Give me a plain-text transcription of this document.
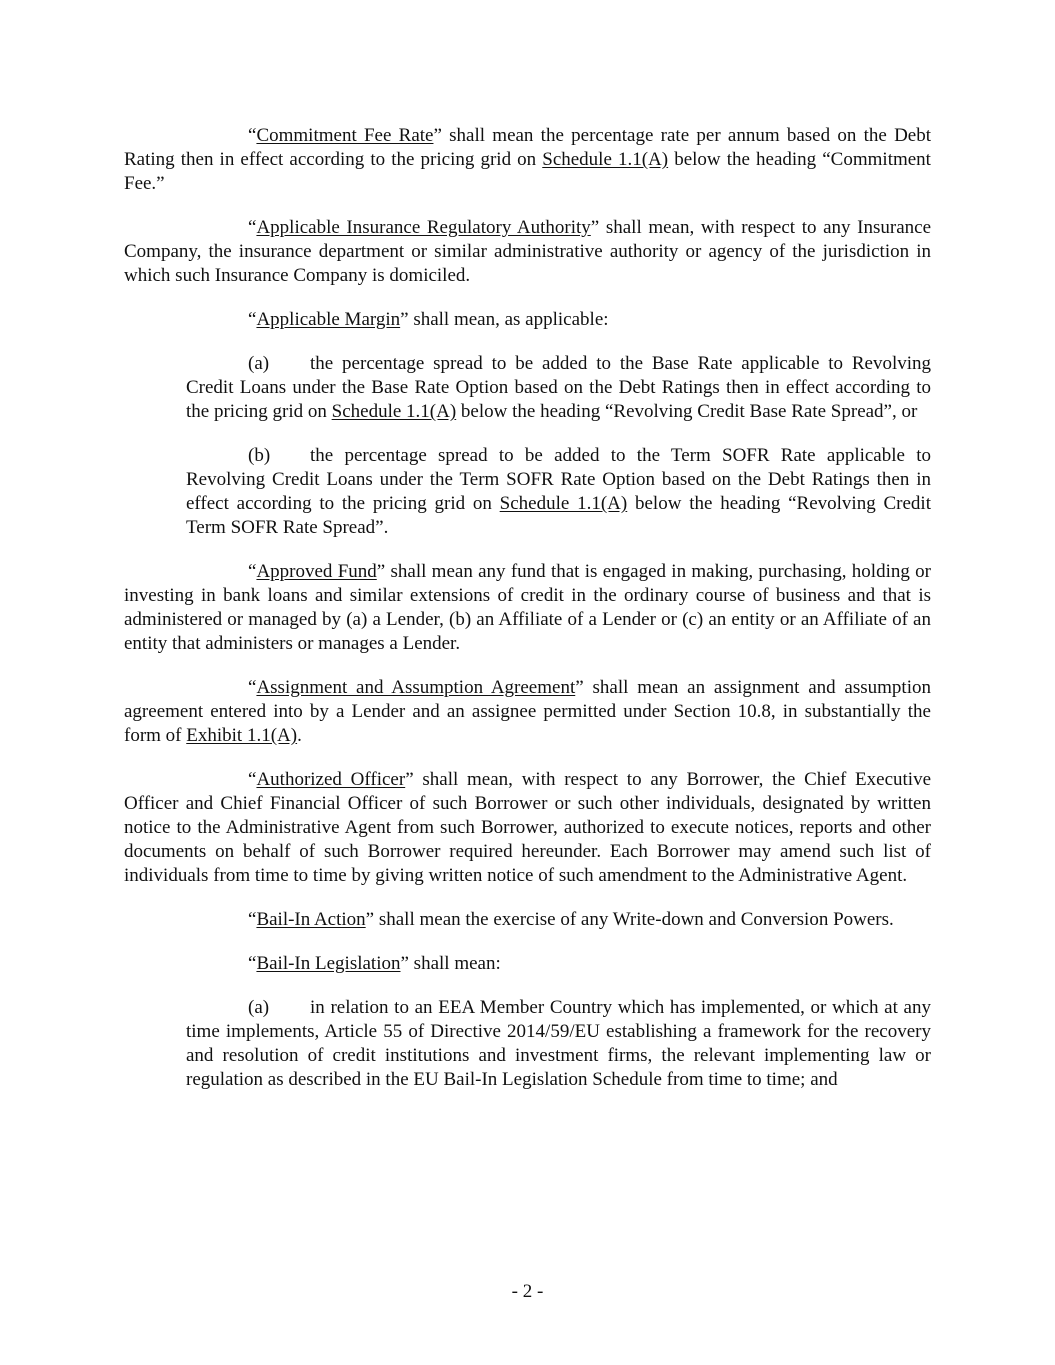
“Commitment Fee Rate” shall mean the percentage rate per annum based on the Debt Rating then in effect according to the pricing grid on Schedule 1.1(A) below the heading “Commitment Fee.”

“Applicable Insurance Regulatory Authority” shall mean, with respect to any Insurance Company, the insurance department or similar administrative authority or agency of the jurisdiction in which such Insurance Company is domiciled.

“Applicable Margin” shall mean, as applicable:

(a) the percentage spread to be added to the Base Rate applicable to Revolving Credit Loans under the Base Rate Option based on the Debt Ratings then in effect according to the pricing grid on Schedule 1.1(A) below the heading “Revolving Credit Base Rate Spread”, or

(b) the percentage spread to be added to the Term SOFR Rate applicable to Revolving Credit Loans under the Term SOFR Rate Option based on the Debt Ratings then in effect according to the pricing grid on Schedule 1.1(A) below the heading “Revolving Credit Term SOFR Rate Spread”.

“Approved Fund” shall mean any fund that is engaged in making, purchasing, holding or investing in bank loans and similar extensions of credit in the ordinary course of business and that is administered or managed by (a) a Lender, (b) an Affiliate of a Lender or (c) an entity or an Affiliate of an entity that administers or manages a Lender.

“Assignment and Assumption Agreement” shall mean an assignment and assumption agreement entered into by a Lender and an assignee permitted under Section 10.8, in substantially the form of Exhibit 1.1(A).

“Authorized Officer” shall mean, with respect to any Borrower, the Chief Executive Officer and Chief Financial Officer of such Borrower or such other individuals, designated by written notice to the Administrative Agent from such Borrower, authorized to execute notices, reports and other documents on behalf of such Borrower required hereunder. Each Borrower may amend such list of individuals from time to time by giving written notice of such amendment to the Administrative Agent.

“Bail-In Action” shall mean the exercise of any Write-down and Conversion Powers.

“Bail-In Legislation” shall mean:

(a) in relation to an EEA Member Country which has implemented, or which at any time implements, Article 55 of Directive 2014/59/EU establishing a framework for the recovery and resolution of credit institutions and investment firms, the relevant implementing law or regulation as described in the EU Bail-In Legislation Schedule from time to time; and

- 2 -
